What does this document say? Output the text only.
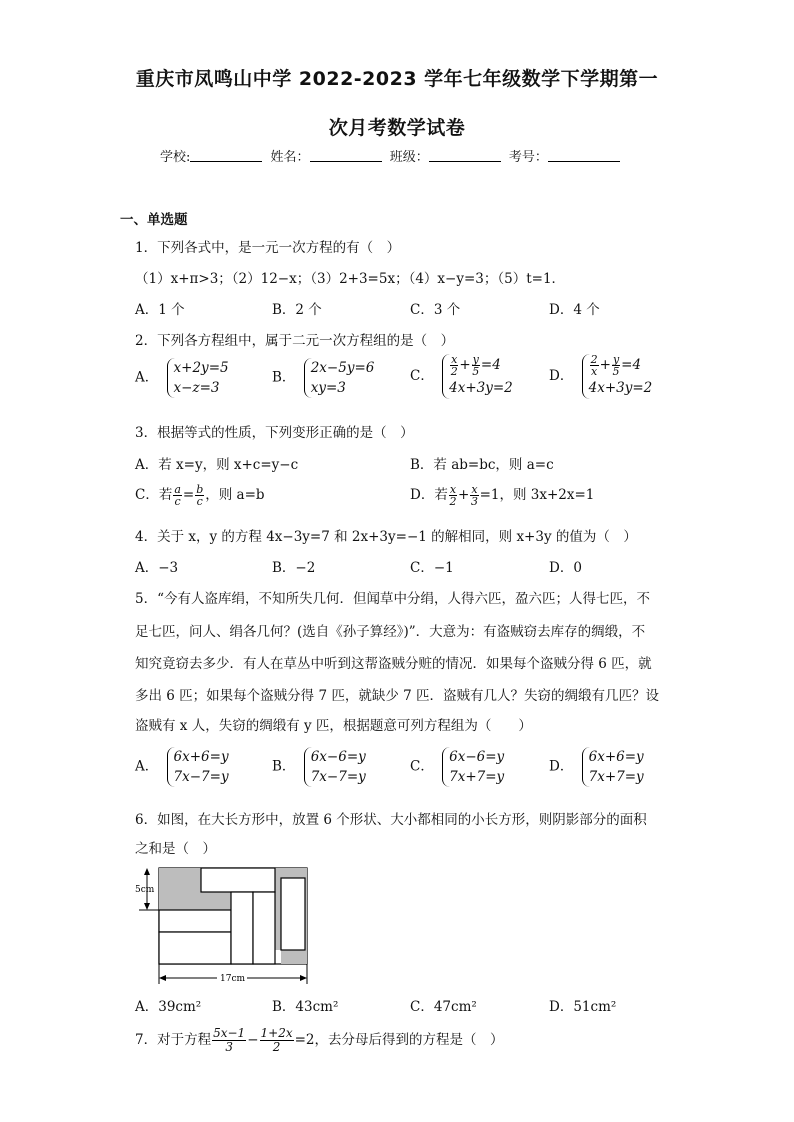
重庆市凤鸣山中学 2022-2023 学年七年级数学下学期第一
次月考数学试卷
学校:	姓名：	班级：	考号：
一、单选题
1．下列各式中，是一元一次方程的有（　）
（1）x+π>3；（2）12−x；（3）2+3=5x；（4）x−y=3；（5）t=1．
A．1 个	B．2 个	C．3 个	D．4 个
2．下列各方程组中，属于二元一次方程组的是（　）
A． x+2y=5
x−z=3
B． 2x−5y=6
xy=3
C． $\frac{x}{2} + \frac{y}{5} =4$
4x+3y=2
D． $\frac{2}{x} + \frac{y}{5} =4$
4x+3y=2
3．根据等式的性质，下列变形正确的是（　）
A．若 x=y，则 x+c=y−c	B．若 ab=bc，则 a=c
C．若 $\frac{a}{c} = \frac{b}{c}$ ，则 a=b	D．若 $\frac{x}{2} + \frac{x}{3} =1$，则 3x+2x=1
4．关于 x，y 的方程 4x−3y=7 和 2x+3y=−1 的解相同，则 x+3y 的值为（　）
A．−3	B．−2	C．−1	D．0
5．“今有人盗库绢，不知所失几何．但闻草中分绢，人得六匹，盈六匹；人得七匹，不
足七匹，问人、绢各几何？(选自《孙子算经》)”．大意为：有盗贼窃去库存的绸缎，不
知究竟窃去多少．有人在草丛中听到这帮盗贼分赃的情况．如果每个盗贼分得 6 匹，就
多出 6 匹；如果每个盗贼分得 7 匹，就缺少 7 匹．盗贼有几人？失窃的绸缎有几匹？设
盗贼有 x 人，失窃的绸缎有 y 匹，根据题意可列方程组为（　　）
A． 6x+6=y
7x−7=y
B． 6x−6=y
7x−7=y
C． 6x−6=y
7x+7=y
D． 6x+6=y
7x+7=y
6．如图，在大长方形中，放置 6 个形状、大小都相同的小长方形，则阴影部分的面积
之和是（　）
5cm
17cm
A．39cm²	B．43cm²	C．47cm²	D．51cm²
7．对于方程 $\frac{5x-1}{3} - \frac{1+2x}{2} =2$，去分母后得到的方程是（　）
